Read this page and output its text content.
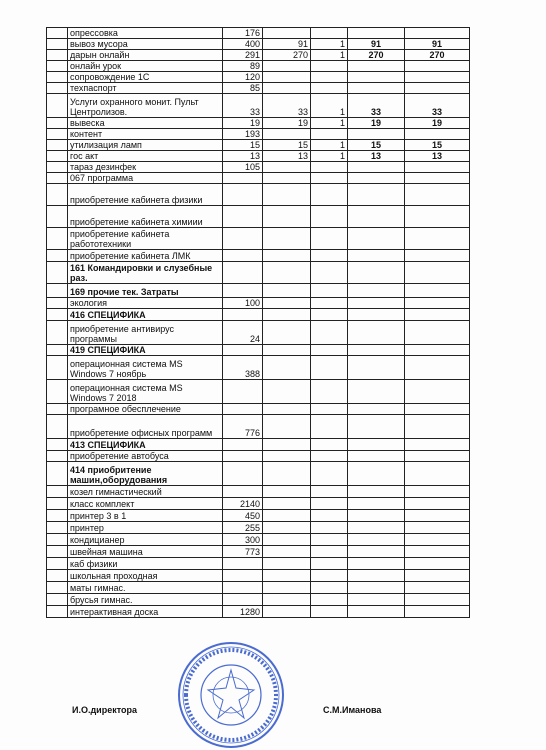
	опрессовка	176				
	вывоз мусора	400	91	1	91	91
	дарын онлайн	291	270	1	270	270
	онлайн урок	89				
	сопровождение 1С	120				
	техпаспорт	85				
	Услуги охранного монит. Пульт Центролизов.	33	33	1	33	33
	вывеска	19	19	1	19	19
	контент	193				
	утилизация ламп	15	15	1	15	15
	гос акт	13	13	1	13	13
	тараз дезинфек	105				
	067 программа					
	приобретение кабинета физики					
	приобретение кабинета химиии					
	приобретение кабинета работотехники					
	приобретение кабинета ЛМК					
	161 Командировки и слузебные раз.					
	169 прочие тек. Затраты					
	экология	100				
	416 СПЕЦИФИКА					
	приобретение антивирус программы	24				
	419 СПЕЦИФИКА					
	операционная система MS Windows 7 ноябрь	388				
	операционная система MS Windows 7 2018					
	програмное обесплечение					
	приобретение офисных программ	776				
	413 СПЕЦИФИКА					
	приобретение автобуса					
	414 приобритение машин,оборудования					
	козел гимнастический					
	класс комплект	2140				
	принтер 3 в 1	450				
	принтер	255				
	кондицианер	300				
	швейная машина	773				
	каб физики					
	школьная проходная					
	маты гимнас.					
	брусья гимнас.					
	интерактивная доска	1280				
И.О.директора	С.М.Иманова
